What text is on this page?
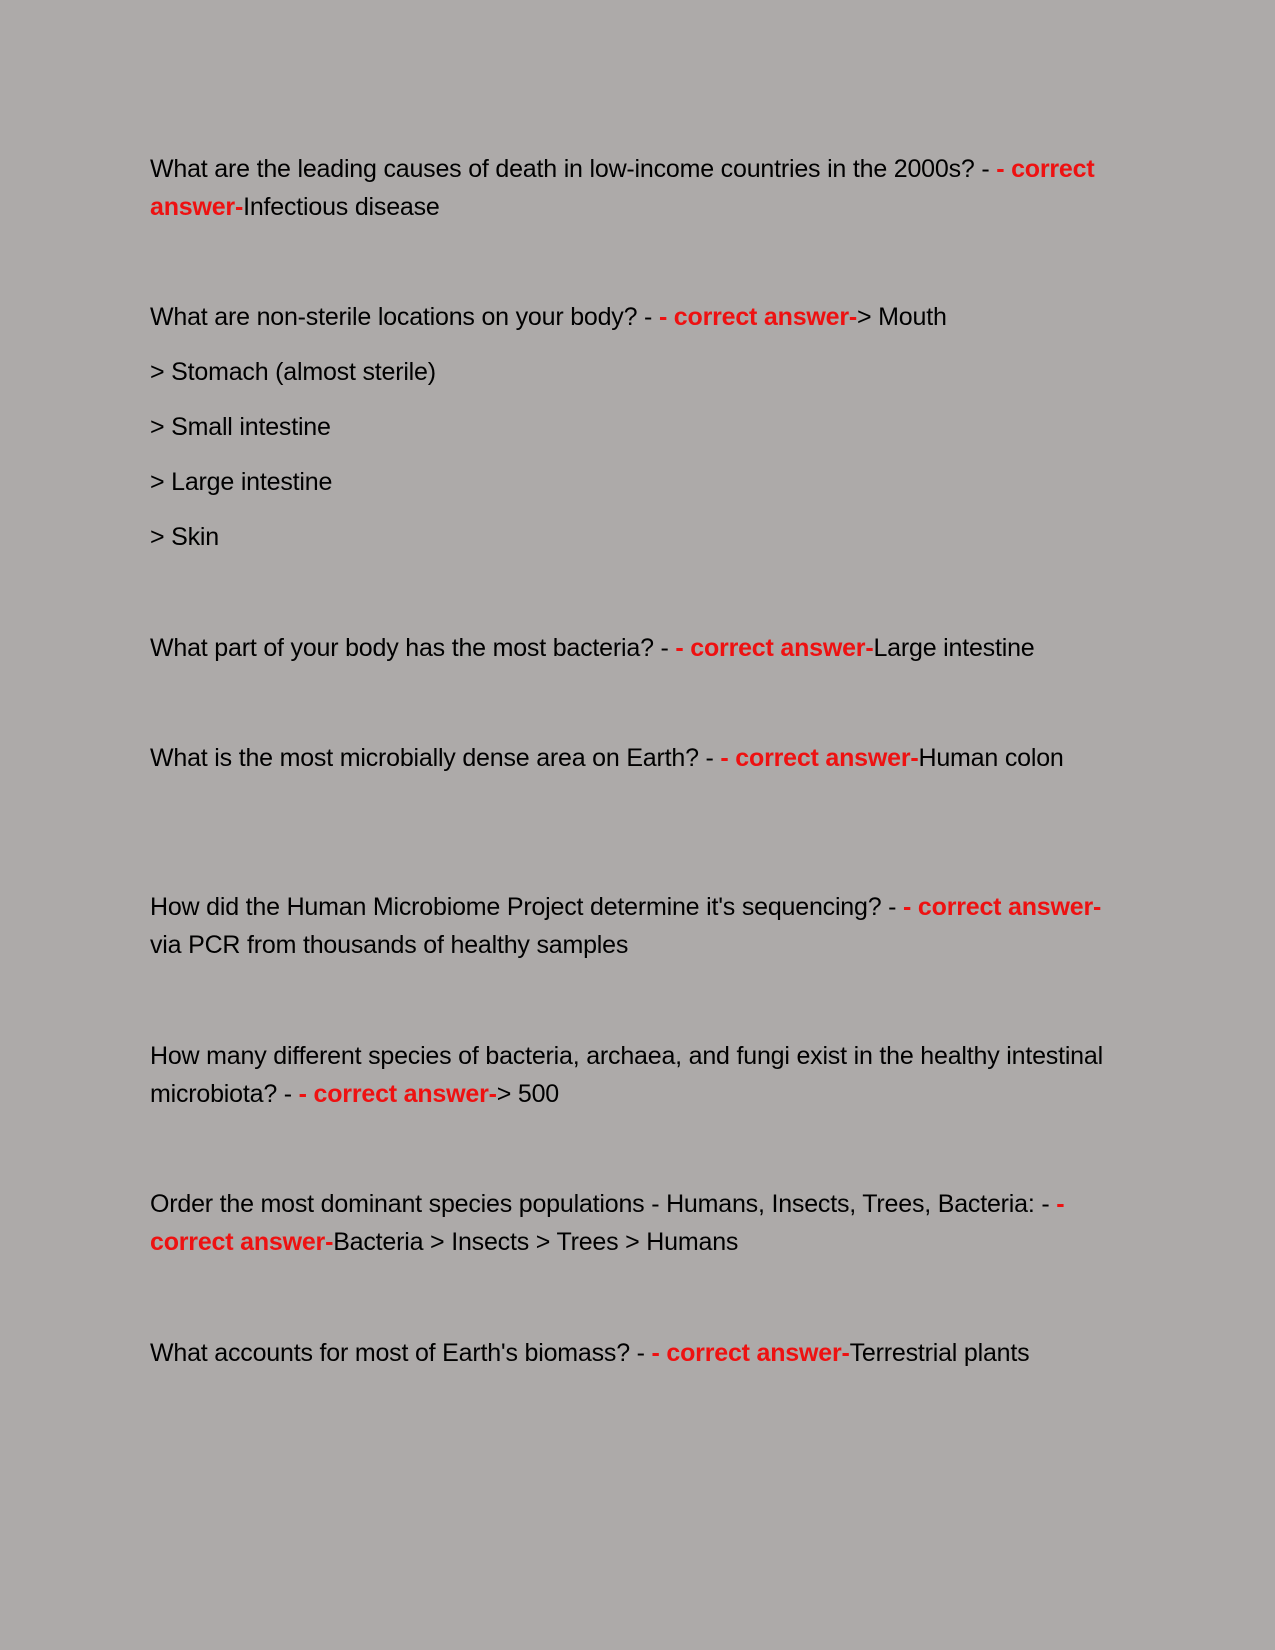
What are the leading causes of death in low-income countries in the 2000s? - - correct answer-Infectious disease
What are non-sterile locations on your body? - - correct answer-> Mouth
> Stomach (almost sterile)
> Small intestine
> Large intestine
> Skin
What part of your body has the most bacteria? - - correct answer-Large intestine
What is the most microbially dense area on Earth? - - correct answer-Human colon
How did the Human Microbiome Project determine it's sequencing? - - correct answer-via PCR from thousands of healthy samples
How many different species of bacteria, archaea, and fungi exist in the healthy intestinal microbiota? - - correct answer-> 500
Order the most dominant species populations - Humans, Insects, Trees, Bacteria: - - correct answer-Bacteria > Insects > Trees > Humans
What accounts for most of Earth's biomass? - - correct answer-Terrestrial plants
